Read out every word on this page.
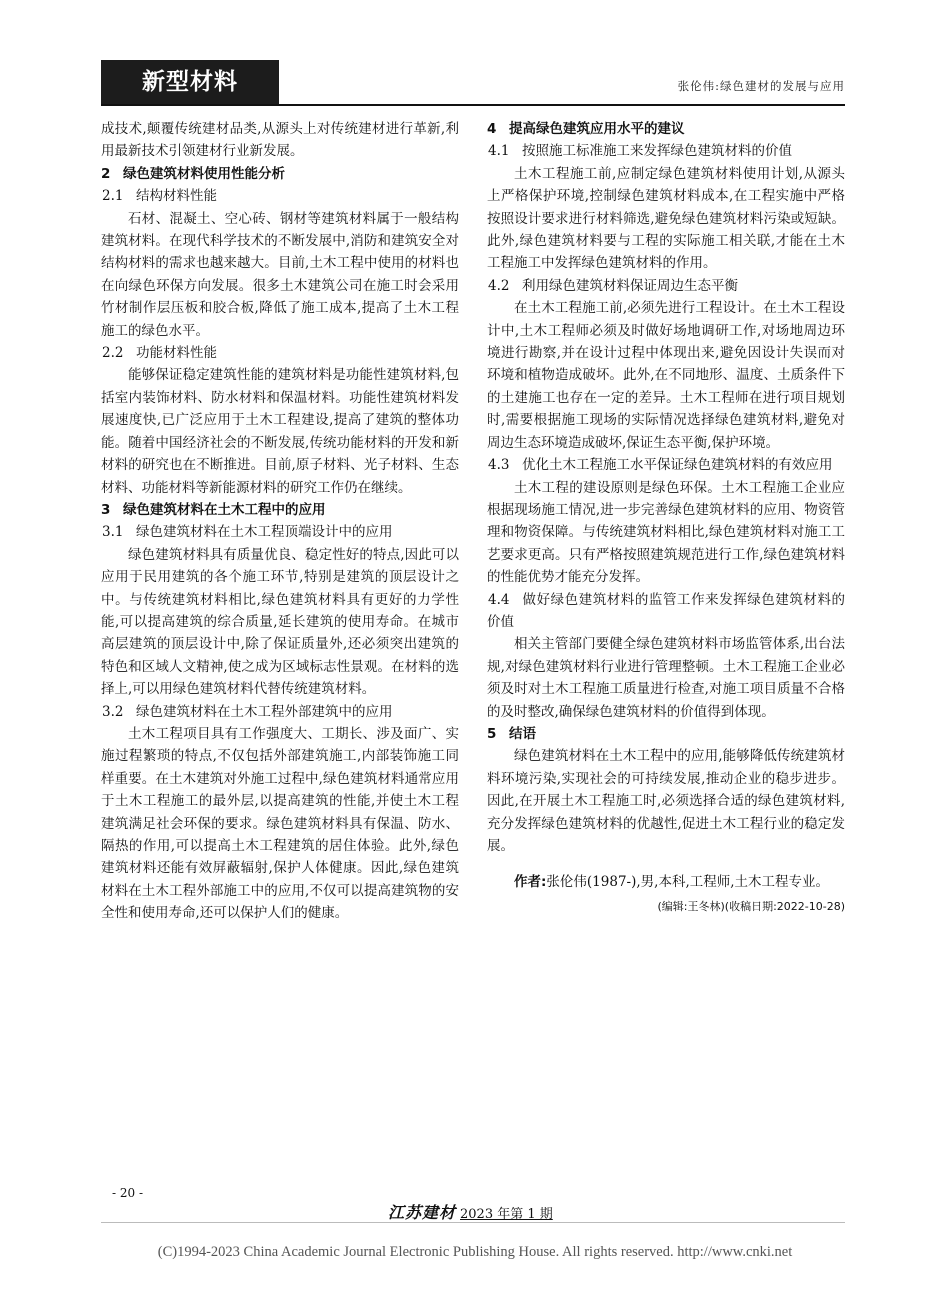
新型材料	张伦伟:绿色建材的发展与应用

成技术,颠覆传统建材品类,从源头上对传统建材进行革新,利用最新技术引领建材行业新发展。

2 绿色建筑材料使用性能分析
2.1 结构材料性能

石材、混凝土、空心砖、钢材等建筑材料属于一般结构建筑材料。在现代科学技术的不断发展中,消防和建筑安全对结构材料的需求也越来越大。目前,土木工程中使用的材料也在向绿色环保方向发展。很多土木建筑公司在施工时会采用竹材制作层压板和胶合板,降低了施工成本,提高了土木工程施工的绿色水平。

2.2 功能材料性能

能够保证稳定建筑性能的建筑材料是功能性建筑材料,包括室内装饰材料、防水材料和保温材料。功能性建筑材料发展速度快,已广泛应用于土木工程建设,提高了建筑的整体功能。随着中国经济社会的不断发展,传统功能材料的开发和新材料的研究也在不断推进。目前,原子材料、光子材料、生态材料、功能材料等新能源材料的研究工作仍在继续。

3 绿色建筑材料在土木工程中的应用
3.1 绿色建筑材料在土木工程顶端设计中的应用

绿色建筑材料具有质量优良、稳定性好的特点,因此可以应用于民用建筑的各个施工环节,特别是建筑的顶层设计之中。与传统建筑材料相比,绿色建筑材料具有更好的力学性能,可以提高建筑的综合质量,延长建筑的使用寿命。在城市高层建筑的顶层设计中,除了保证质量外,还必须突出建筑的特色和区域人文精神,使之成为区域标志性景观。在材料的选择上,可以用绿色建筑材料代替传统建筑材料。

3.2 绿色建筑材料在土木工程外部建筑中的应用

土木工程项目具有工作强度大、工期长、涉及面广、实施过程繁琐的特点,不仅包括外部建筑施工,内部装饰施工同样重要。在土木建筑对外施工过程中,绿色建筑材料通常应用于土木工程施工的最外层,以提高建筑的性能,并使土木工程建筑满足社会环保的要求。绿色建筑材料具有保温、防水、隔热的作用,可以提高土木工程建筑的居住体验。此外,绿色建筑材料还能有效屏蔽辐射,保护人体健康。因此,绿色建筑材料在土木工程外部施工中的应用,不仅可以提高建筑物的安全性和使用寿命,还可以保护人们的健康。

4 提高绿色建筑应用水平的建议
4.1 按照施工标准施工来发挥绿色建筑材料的价值

土木工程施工前,应制定绿色建筑材料使用计划,从源头上严格保护环境,控制绿色建筑材料成本,在工程实施中严格按照设计要求进行材料筛选,避免绿色建筑材料污染或短缺。此外,绿色建筑材料要与工程的实际施工相关联,才能在土木工程施工中发挥绿色建筑材料的作用。

4.2 利用绿色建筑材料保证周边生态平衡

在土木工程施工前,必须先进行工程设计。在土木工程设计中,土木工程师必须及时做好场地调研工作,对场地周边环境进行勘察,并在设计过程中体现出来,避免因设计失误而对环境和植物造成破坏。此外,在不同地形、温度、土质条件下的土建施工也存在一定的差异。土木工程师在进行项目规划时,需要根据施工现场的实际情况选择绿色建筑材料,避免对周边生态环境造成破坏,保证生态平衡,保护环境。

4.3 优化土木工程施工水平保证绿色建筑材料的有效应用

土木工程的建设原则是绿色环保。土木工程施工企业应根据现场施工情况,进一步完善绿色建筑材料的应用、物资管理和物资保障。与传统建筑材料相比,绿色建筑材料对施工工艺要求更高。只有严格按照建筑规范进行工作,绿色建筑材料的性能优势才能充分发挥。

4.4 做好绿色建筑材料的监管工作来发挥绿色建筑材料的价值

相关主管部门要健全绿色建筑材料市场监管体系,出台法规,对绿色建筑材料行业进行管理整顿。土木工程施工企业必须及时对土木工程施工质量进行检查,对施工项目质量不合格的及时整改,确保绿色建筑材料的价值得到体现。

5 结语

绿色建筑材料在土木工程中的应用,能够降低传统建筑材料环境污染,实现社会的可持续发展,推动企业的稳步进步。因此,在开展土木工程施工时,必须选择合适的绿色建筑材料,充分发挥绿色建筑材料的优越性,促进土木工程行业的稳定发展。

作者:张伦伟(1987-),男,本科,工程师,土木工程专业。

(编辑:王冬林)(收稿日期:2022-10-28)
- 20 -
江苏建材 2023 年第 1 期
(C)1994-2023 China Academic Journal Electronic Publishing House. All rights reserved. http://www.cnki.net
